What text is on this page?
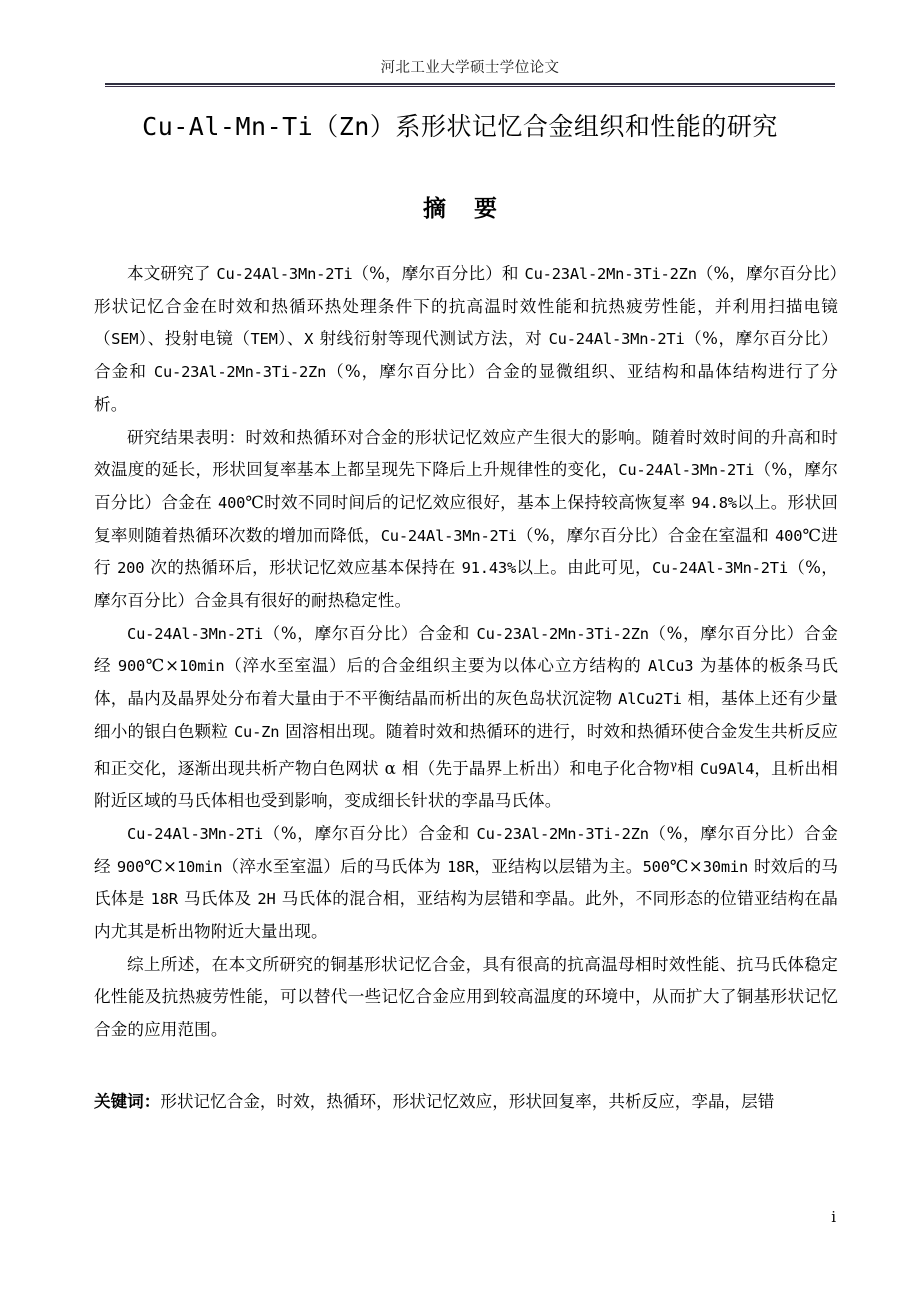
河北工业大学硕士学位论文
Cu-Al-Mn-Ti（Zn）系形状记忆合金组织和性能的研究
摘 要

本文研究了 Cu-24Al-3Mn-2Ti（%，摩尔百分比）和 Cu-23Al-2Mn-3Ti-2Zn（%，摩尔百分比）形状记忆合金在时效和热循环热处理条件下的抗高温时效性能和抗热疲劳性能，并利用扫描电镜（SEM）、投射电镜（TEM）、X 射线衍射等现代测试方法，对 Cu-24Al-3Mn-2Ti（%，摩尔百分比）合金和 Cu-23Al-2Mn-3Ti-2Zn（%，摩尔百分比）合金的显微组织、亚结构和晶体结构进行了分析。

研究结果表明：时效和热循环对合金的形状记忆效应产生很大的影响。随着时效时间的升高和时效温度的延长，形状回复率基本上都呈现先下降后上升规律性的变化，Cu-24Al-3Mn-2Ti（%，摩尔百分比）合金在 400℃时效不同时间后的记忆效应很好，基本上保持较高恢复率 94.8%以上。形状回复率则随着热循环次数的增加而降低，Cu-24Al-3Mn-2Ti（%，摩尔百分比）合金在室温和 400℃进行 200 次的热循环后，形状记忆效应基本保持在 91.43%以上。由此可见，Cu-24Al-3Mn-2Ti（%，摩尔百分比）合金具有很好的耐热稳定性。

Cu-24Al-3Mn-2Ti（%，摩尔百分比）合金和 Cu-23Al-2Mn-3Ti-2Zn（%，摩尔百分比）合金经 900℃×10min（淬水至室温）后的合金组织主要为以体心立方结构的 AlCu3 为基体的板条马氏体，晶内及晶界处分布着大量由于不平衡结晶而析出的灰色岛状沉淀物 AlCu2Ti 相，基体上还有少量细小的银白色颗粒 Cu-Zn 固溶相出现。随着时效和热循环的进行，时效和热循环使合金发生共析反应和正交化，逐渐出现共析产物白色网状 α 相（先于晶界上析出）和电子化合物$^\gamma$相 Cu9Al4，且析出相附近区域的马氏体相也受到影响，变成细长针状的孪晶马氏体。

Cu-24Al-3Mn-2Ti（%，摩尔百分比）合金和 Cu-23Al-2Mn-3Ti-2Zn（%，摩尔百分比）合金经 900℃×10min（淬水至室温）后的马氏体为 18R，亚结构以层错为主。500℃×30min 时效后的马氏体是 18R 马氏体及 2H 马氏体的混合相，亚结构为层错和孪晶。此外，不同形态的位错亚结构在晶内尤其是析出物附近大量出现。

综上所述，在本文所研究的铜基形状记忆合金，具有很高的抗高温母相时效性能、抗马氏体稳定化性能及抗热疲劳性能，可以替代一些记忆合金应用到较高温度的环境中，从而扩大了铜基形状记忆合金的应用范围。

关键词：形状记忆合金，时效，热循环，形状记忆效应，形状回复率，共析反应，孪晶，层错
i
